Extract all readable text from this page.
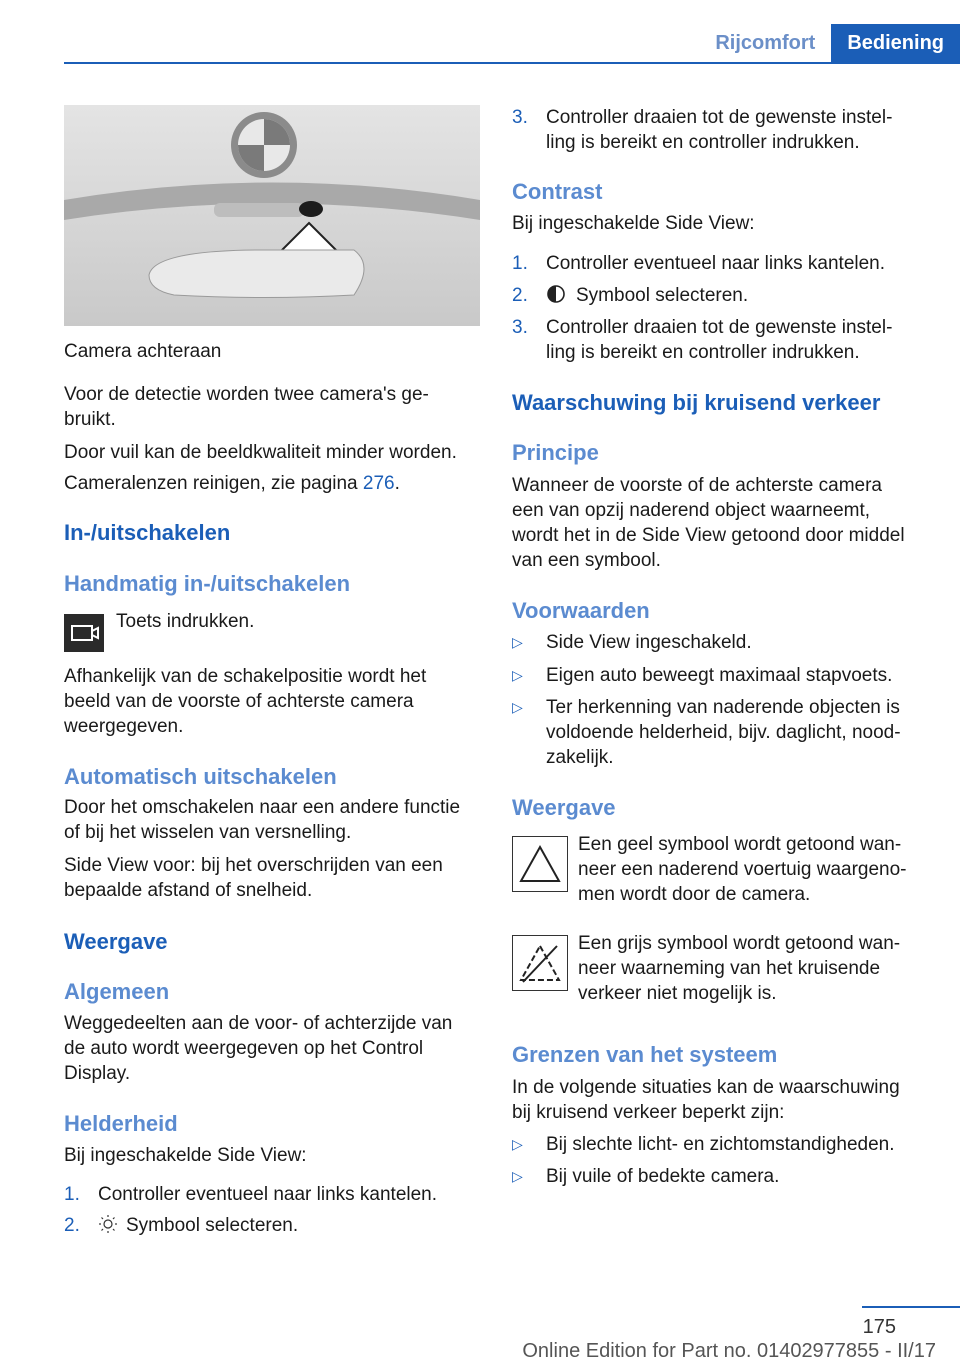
Rijcomfort	Bediening
Camera achteraan
Voor de detectie worden twee camera's ge-
bruikt.
Door vuil kan de beeldkwaliteit minder worden.
Cameralenzen reinigen, zie pagina 276.
In-/uitschakelen
Handmatig in-/uitschakelen
Toets indrukken.
Afhankelijk van de schakelpositie wordt het
beeld van de voorste of achterste camera
weergegeven.
Automatisch uitschakelen
Door het omschakelen naar een andere functie
of bij het wisselen van versnelling.
Side View voor: bij het overschrijden van een
bepaalde afstand of snelheid.
Weergave
Algemeen
Weggedeelten aan de voor- of achterzijde van
de auto wordt weergegeven op het Control
Display.
Helderheid
Bij ingeschakelde Side View:
1. Controller eventueel naar links kantelen.
2.	Symbool selecteren.
3. Controller draaien tot de gewenste instel-
ling is bereikt en controller indrukken.
Contrast
Bij ingeschakelde Side View:
1. Controller eventueel naar links kantelen.
2.	Symbool selecteren.
3. Controller draaien tot de gewenste instel-
ling is bereikt en controller indrukken.
Waarschuwing bij kruisend verkeer
Principe
Wanneer de voorste of de achterste camera
een van opzij naderend object waarneemt,
wordt het in de Side View getoond door middel
van een symbool.
Voorwaarden
▷	Side View ingeschakeld.
▷	Eigen auto beweegt maximaal stapvoets.
▷	Ter herkenning van naderende objecten is
voldoende helderheid, bijv. daglicht, nood-
zakelijk.
Weergave
Een geel symbool wordt getoond wan-
neer een naderend voertuig waargeno-
men wordt door de camera.
Een grijs symbool wordt getoond wan-
neer waarneming van het kruisende
verkeer niet mogelijk is.
Grenzen van het systeem
In de volgende situaties kan de waarschuwing
bij kruisend verkeer beperkt zijn:
▷	Bij slechte licht- en zichtomstandigheden.
▷	Bij vuile of bedekte camera.
175
Online Edition for Part no. 01402977855 - II/17
